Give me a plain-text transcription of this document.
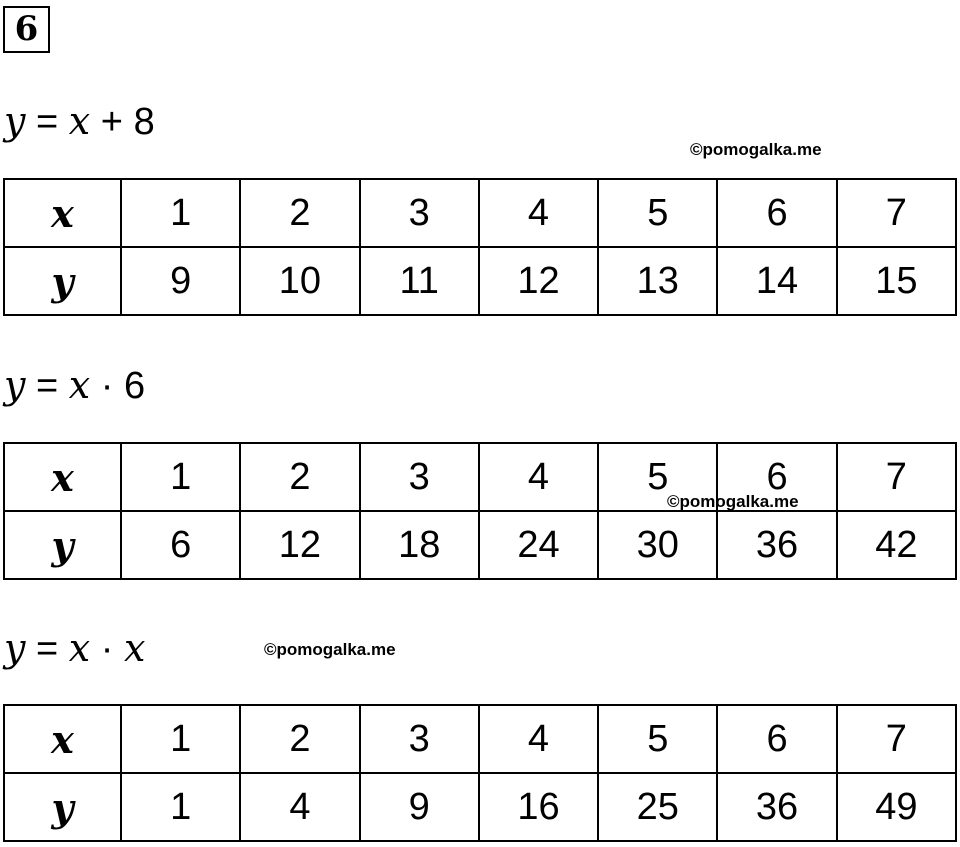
6
y = x + 8
©pomogalka.me
x	1	2	3	4	5	6	7
y	9	10	11	12	13	14	15
y = x · 6
x	1	2	3	4	5	6	7
y	6	12	18	24	30	36	42
©pomogalka.me
y = x · x	©pomogalka.me
x	1	2	3	4	5	6	7
y	1	4	9	16	25	36	49
